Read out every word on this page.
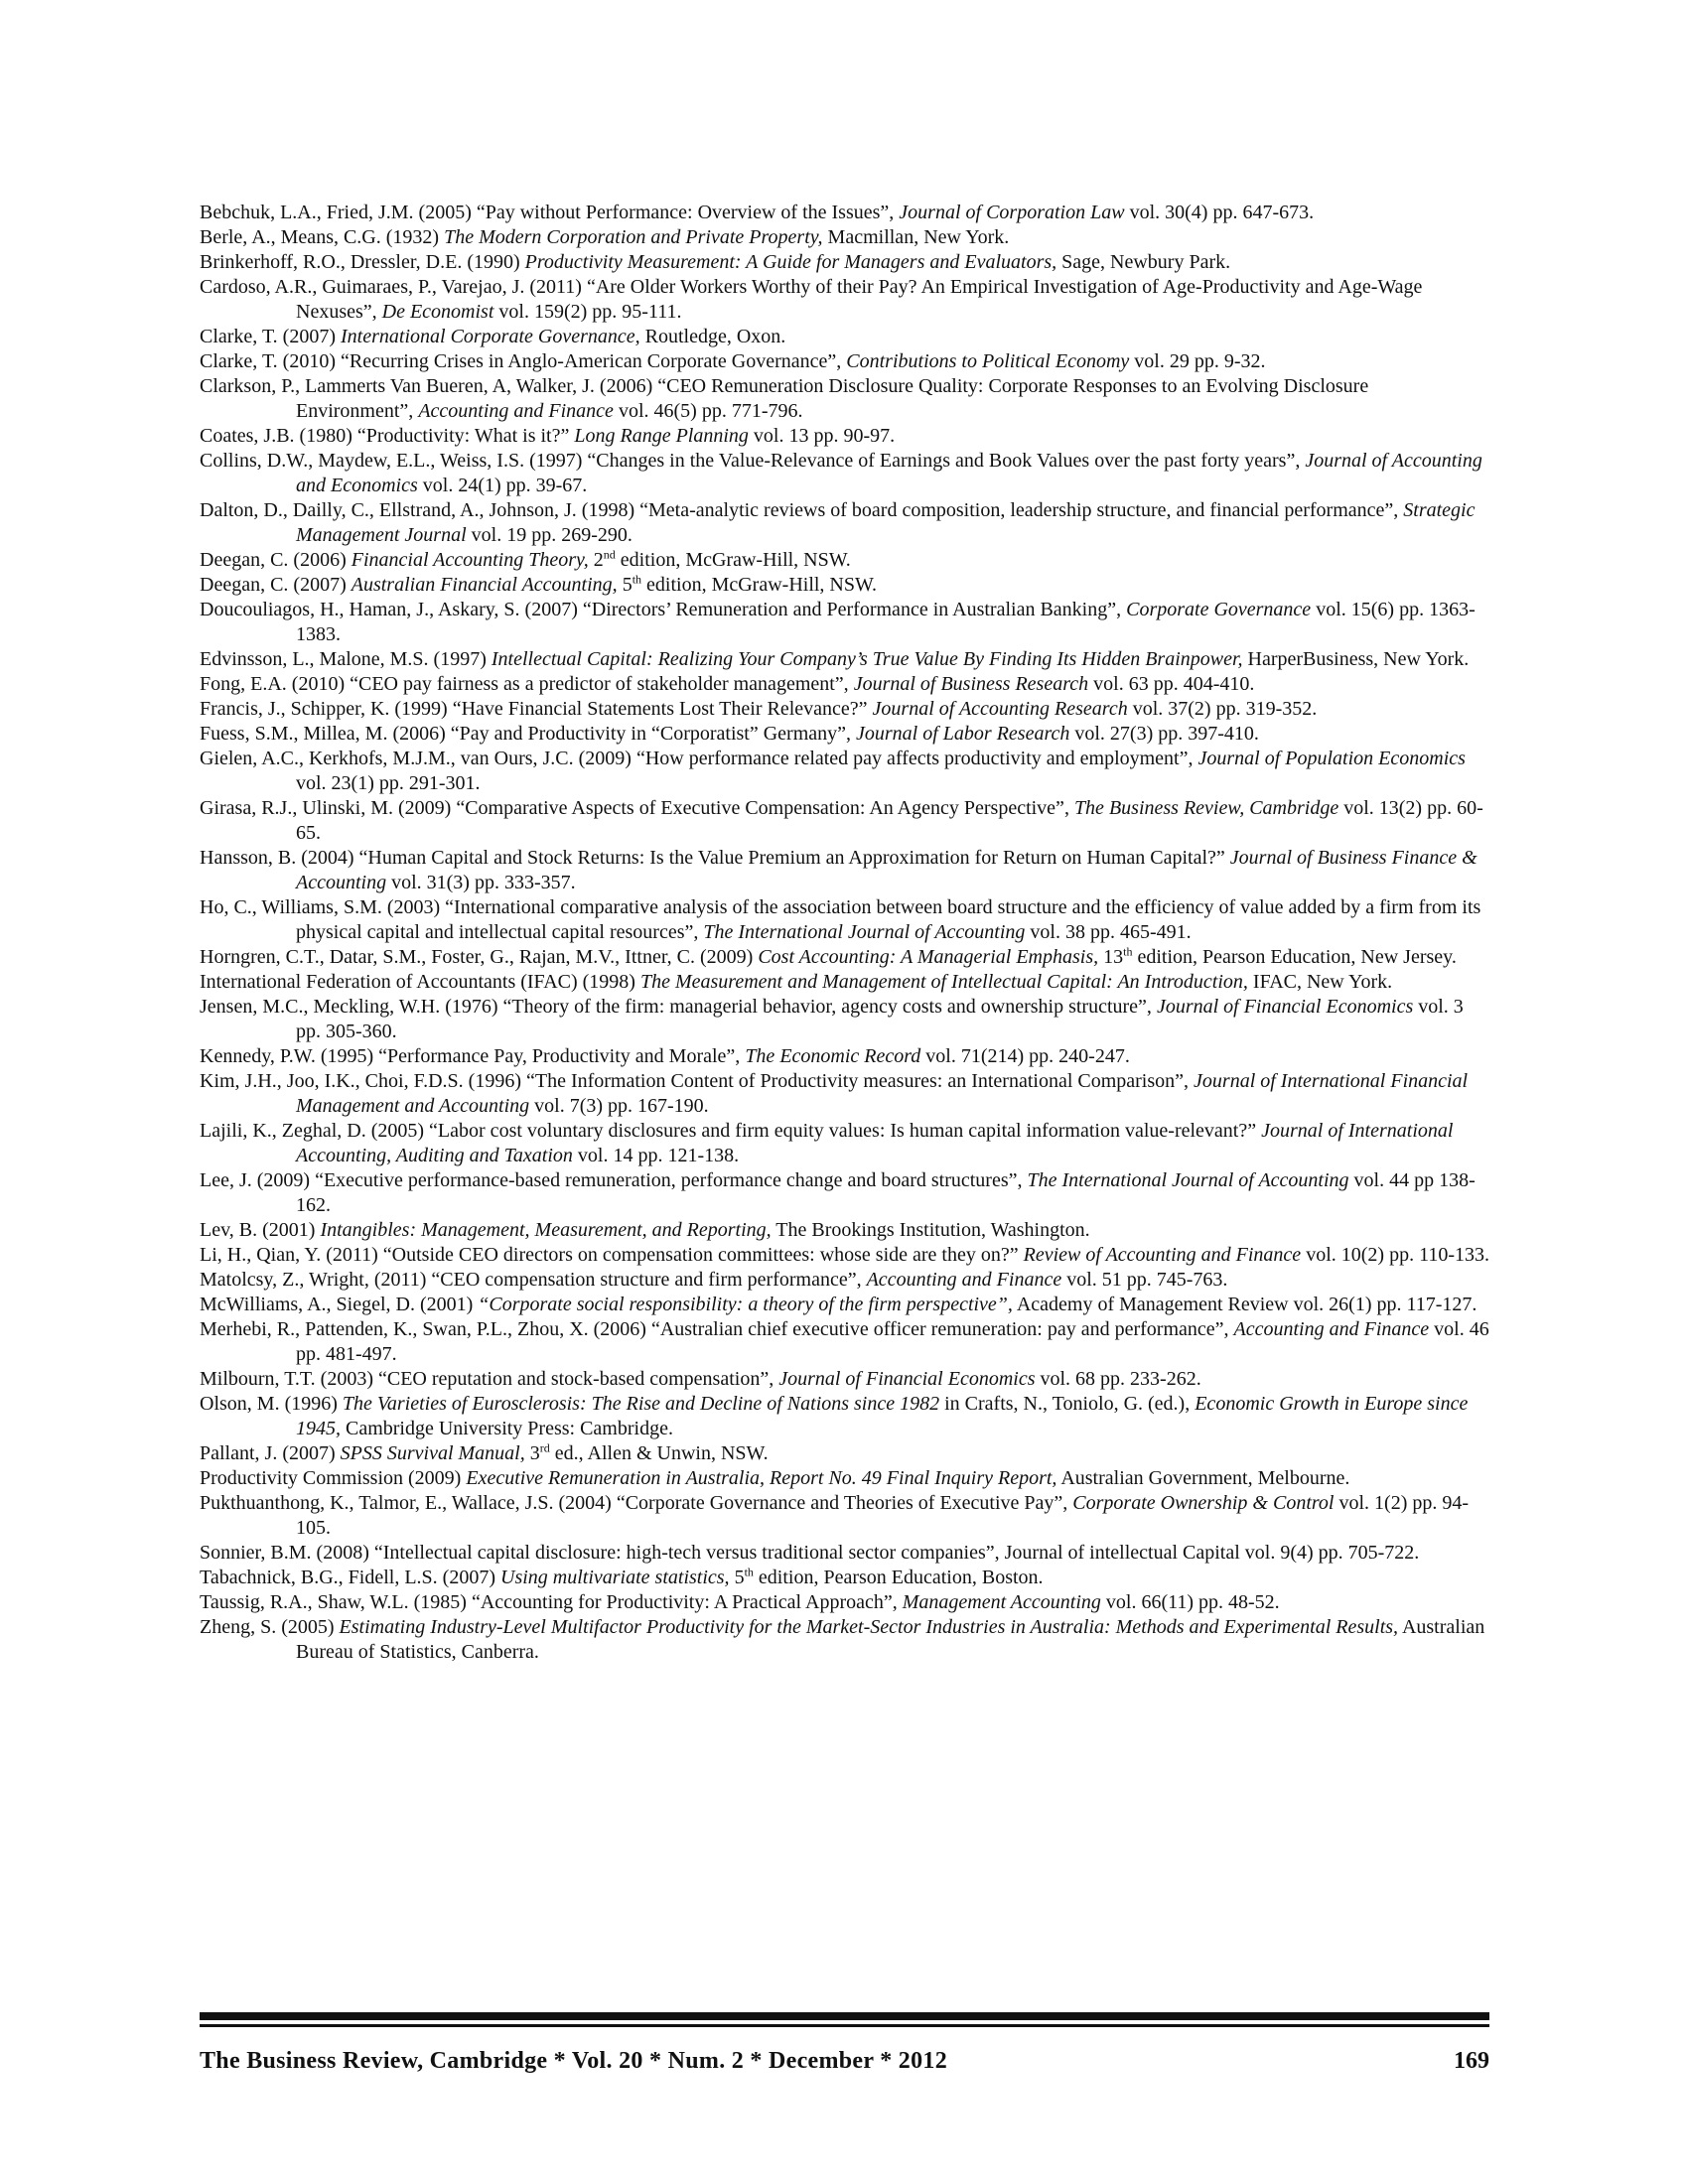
Bebchuk, L.A., Fried, J.M. (2005) “Pay without Performance: Overview of the Issues”, Journal of Corporation Law vol. 30(4) pp. 647-673.

Berle, A., Means, C.G. (1932) The Modern Corporation and Private Property, Macmillan, New York.

Brinkerhoff, R.O., Dressler, D.E. (1990) Productivity Measurement: A Guide for Managers and Evaluators, Sage, Newbury Park.

Cardoso, A.R., Guimaraes, P., Varejao, J. (2011) “Are Older Workers Worthy of their Pay? An Empirical Investigation of Age-Productivity and Age-Wage Nexuses”, De Economist vol. 159(2) pp. 95-111.

Clarke, T. (2007) International Corporate Governance, Routledge, Oxon.

Clarke, T. (2010) “Recurring Crises in Anglo-American Corporate Governance”, Contributions to Political Economy vol. 29 pp. 9-32.

Clarkson, P., Lammerts Van Bueren, A, Walker, J. (2006) “CEO Remuneration Disclosure Quality: Corporate Responses to an Evolving Disclosure Environment”, Accounting and Finance vol. 46(5) pp. 771-796.

Coates, J.B. (1980) “Productivity: What is it?” Long Range Planning vol. 13 pp. 90-97.

Collins, D.W., Maydew, E.L., Weiss, I.S. (1997) “Changes in the Value-Relevance of Earnings and Book Values over the past forty years”, Journal of Accounting and Economics vol. 24(1) pp. 39-67.

Dalton, D., Dailly, C., Ellstrand, A., Johnson, J. (1998) “Meta-analytic reviews of board composition, leadership structure, and financial performance”, Strategic Management Journal vol. 19 pp. 269-290.

Deegan, C. (2006) Financial Accounting Theory, 2nd edition, McGraw-Hill, NSW.

Deegan, C. (2007) Australian Financial Accounting, 5th edition, McGraw-Hill, NSW.

Doucouliagos, H., Haman, J., Askary, S. (2007) “Directors’ Remuneration and Performance in Australian Banking”, Corporate Governance vol. 15(6) pp. 1363-1383.

Edvinsson, L., Malone, M.S. (1997) Intellectual Capital: Realizing Your Company’s True Value By Finding Its Hidden Brainpower, HarperBusiness, New York.

Fong, E.A. (2010) “CEO pay fairness as a predictor of stakeholder management”, Journal of Business Research vol. 63 pp. 404-410.

Francis, J., Schipper, K. (1999) “Have Financial Statements Lost Their Relevance?” Journal of Accounting Research vol. 37(2) pp. 319-352.

Fuess, S.M., Millea, M. (2006) “Pay and Productivity in “Corporatist” Germany”, Journal of Labor Research vol. 27(3) pp. 397-410.

Gielen, A.C., Kerkhofs, M.J.M., van Ours, J.C. (2009) “How performance related pay affects productivity and employment”, Journal of Population Economics vol. 23(1) pp. 291-301.

Girasa, R.J., Ulinski, M. (2009) “Comparative Aspects of Executive Compensation: An Agency Perspective”, The Business Review, Cambridge vol. 13(2) pp. 60-65.

Hansson, B. (2004) “Human Capital and Stock Returns: Is the Value Premium an Approximation for Return on Human Capital?” Journal of Business Finance & Accounting vol. 31(3) pp. 333-357.

Ho, C., Williams, S.M. (2003) “International comparative analysis of the association between board structure and the efficiency of value added by a firm from its physical capital and intellectual capital resources”, The International Journal of Accounting vol. 38 pp. 465-491.

Horngren, C.T., Datar, S.M., Foster, G., Rajan, M.V., Ittner, C. (2009) Cost Accounting: A Managerial Emphasis, 13th edition, Pearson Education, New Jersey.

International Federation of Accountants (IFAC) (1998) The Measurement and Management of Intellectual Capital: An Introduction, IFAC, New York.

Jensen, M.C., Meckling, W.H. (1976) “Theory of the firm: managerial behavior, agency costs and ownership structure”, Journal of Financial Economics vol. 3 pp. 305-360.

Kennedy, P.W. (1995) “Performance Pay, Productivity and Morale”, The Economic Record vol. 71(214) pp. 240-247.

Kim, J.H., Joo, I.K., Choi, F.D.S. (1996) “The Information Content of Productivity measures: an International Comparison”, Journal of International Financial Management and Accounting vol. 7(3) pp. 167-190.

Lajili, K., Zeghal, D. (2005) “Labor cost voluntary disclosures and firm equity values: Is human capital information value-relevant?” Journal of International Accounting, Auditing and Taxation vol. 14 pp. 121-138.

Lee, J. (2009) “Executive performance-based remuneration, performance change and board structures”, The International Journal of Accounting vol. 44 pp 138-162.

Lev, B. (2001) Intangibles: Management, Measurement, and Reporting, The Brookings Institution, Washington.

Li, H., Qian, Y. (2011) “Outside CEO directors on compensation committees: whose side are they on?” Review of Accounting and Finance vol. 10(2) pp. 110-133.

Matolcsy, Z., Wright, (2011) “CEO compensation structure and firm performance”, Accounting and Finance vol. 51 pp. 745-763.

McWilliams, A., Siegel, D. (2001) “Corporate social responsibility: a theory of the firm perspective”, Academy of Management Review vol. 26(1) pp. 117-127.

Merhebi, R., Pattenden, K., Swan, P.L., Zhou, X. (2006) “Australian chief executive officer remuneration: pay and performance”, Accounting and Finance vol. 46 pp. 481-497.

Milbourn, T.T. (2003) “CEO reputation and stock-based compensation”, Journal of Financial Economics vol. 68 pp. 233-262.

Olson, M. (1996) The Varieties of Eurosclerosis: The Rise and Decline of Nations since 1982 in Crafts, N., Toniolo, G. (ed.), Economic Growth in Europe since 1945, Cambridge University Press: Cambridge.

Pallant, J. (2007) SPSS Survival Manual, 3rd ed., Allen & Unwin, NSW.

Productivity Commission (2009) Executive Remuneration in Australia, Report No. 49 Final Inquiry Report, Australian Government, Melbourne.

Pukthuanthong, K., Talmor, E., Wallace, J.S. (2004) “Corporate Governance and Theories of Executive Pay”, Corporate Ownership & Control vol. 1(2) pp. 94-105.

Sonnier, B.M. (2008) “Intellectual capital disclosure: high-tech versus traditional sector companies”, Journal of intellectual Capital vol. 9(4) pp. 705-722.

Tabachnick, B.G., Fidell, L.S. (2007) Using multivariate statistics, 5th edition, Pearson Education, Boston.

Taussig, R.A., Shaw, W.L. (1985) “Accounting for Productivity: A Practical Approach”, Management Accounting vol. 66(11) pp. 48-52.

Zheng, S. (2005) Estimating Industry-Level Multifactor Productivity for the Market-Sector Industries in Australia: Methods and Experimental Results, Australian Bureau of Statistics, Canberra.

The Business Review, Cambridge * Vol. 20 * Num. 2 * December * 2012	169
